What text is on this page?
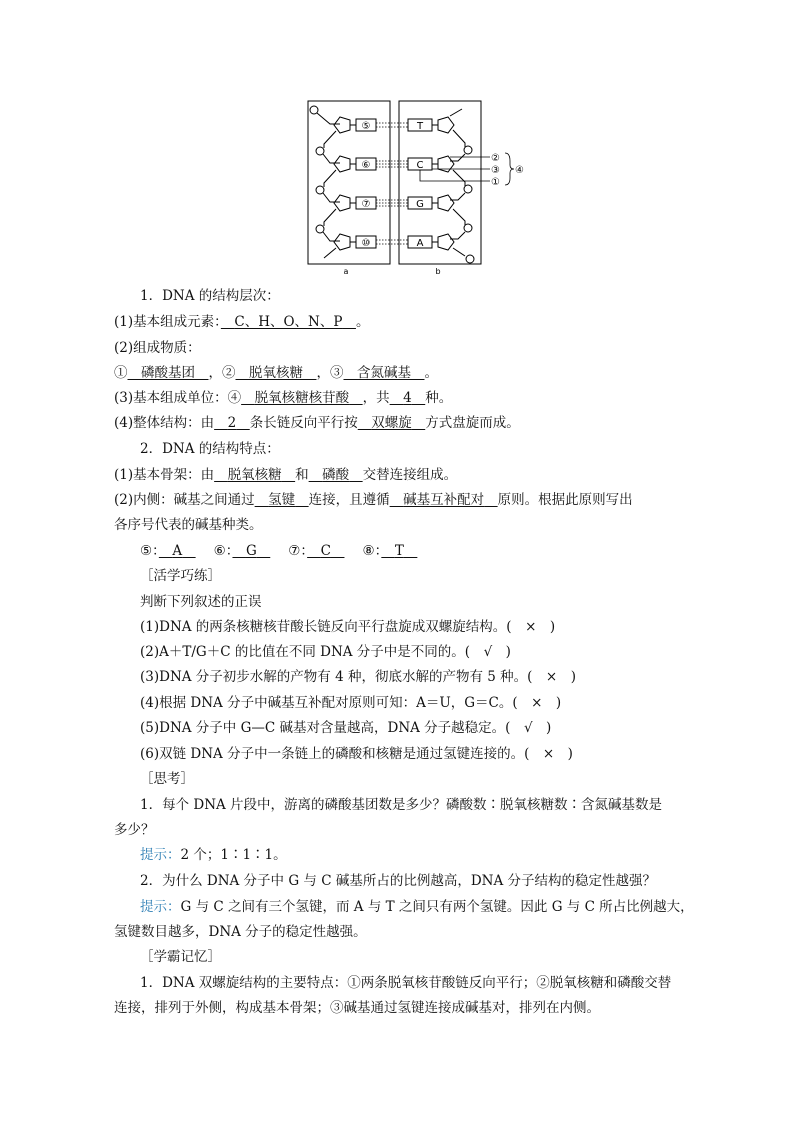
⑤
⑥
⑦
⑩
T
C
G
A
②
③
①
④
a	b
1．DNA 的结构层次：
(1)基本组成元素：　 C、H、O、N、P　 。
(2)组成物质：
①　 磷酸基团　 ，②　 脱氧核糖　 ，③　 含氮碱基　 。
(3)基本组成单位：④　 脱氧核糖核苷酸　 ，共　 4　 种。
(4)整体结构：由　 2　 条长链反向平行按　 双螺旋　 方式盘旋而成。
2．DNA 的结构特点：
(1)基本骨架：由　 脱氧核糖　 和　 磷酸　 交替连接组成。
(2)内侧：碱基之间通过　 氢键　 连接，且遵循　 碱基互补配对　 原则。根据此原则写出
各序号代表的碱基种类。
⑤：　 A　 ⑥：　 G　 ⑦：　 C　 ⑧：　 T　
［活学巧练］
判断下列叙述的正误
(1)DNA 的两条核糖核苷酸长链反向平行盘旋成双螺旋结构。(　×　)
(2)A＋T/G＋C 的比值在不同 DNA 分子中是不同的。(　√　)
(3)DNA 分子初步水解的产物有 4 种，彻底水解的产物有 5 种。(　×　)
(4)根据 DNA 分子中碱基互补配对原则可知：A＝U，G＝C。(　×　)
(5)DNA 分子中 G—C 碱基对含量越高，DNA 分子越稳定。(　√　)
(6)双链 DNA 分子中一条链上的磷酸和核糖是通过氢键连接的。(　×　)
［思考］
1．每个 DNA 片段中，游离的磷酸基团数是多少？磷酸数∶脱氧核糖数∶含氮碱基数是
多少？
提示：2 个；1∶1∶1。
2．为什么 DNA 分子中 G 与 C 碱基所占的比例越高，DNA 分子结构的稳定性越强？
提示：G 与 C 之间有三个氢键，而 A 与 T 之间只有两个氢键。因此 G 与 C 所占比例越大，
氢键数目越多，DNA 分子的稳定性越强。
［学霸记忆］
1．DNA 双螺旋结构的主要特点：①两条脱氧核苷酸链反向平行；②脱氧核糖和磷酸交替
连接，排列于外侧，构成基本骨架；③碱基通过氢键连接成碱基对，排列在内侧。
